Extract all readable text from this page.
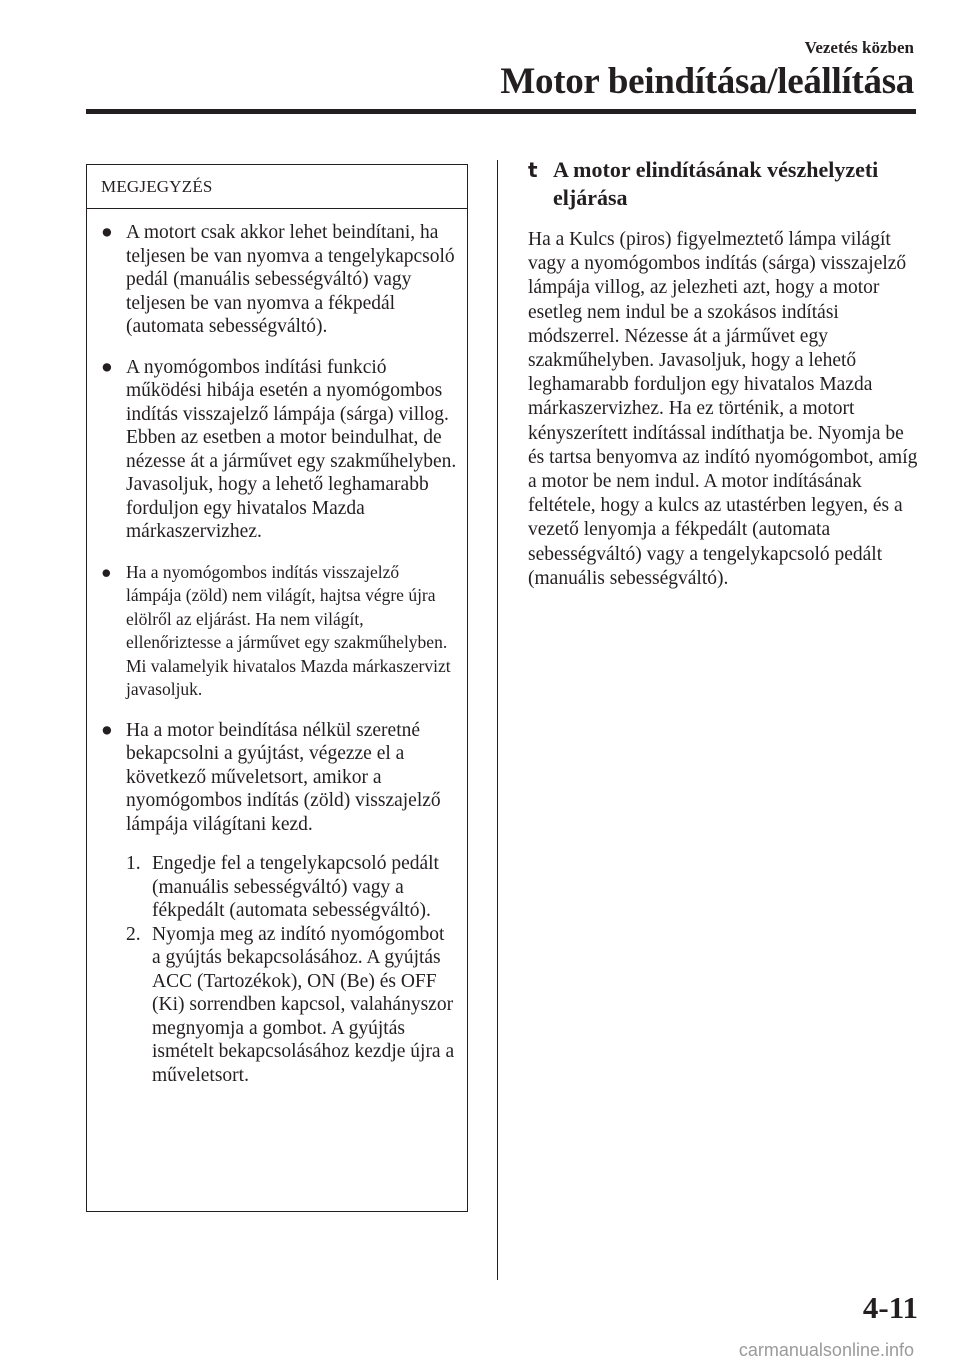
Vezetés közben
Motor beindítása/leállítása
MEGJEGYZÉS
● A motort csak akkor lehet beindítani, ha teljesen be van nyomva a tengelykapcsoló pedál (manuális sebességváltó) vagy teljesen be van nyomva a fékpedál (automata sebességváltó).
● A nyomógombos indítási funkció működési hibája esetén a nyomógombos indítás visszajelző lámpája (sárga) villog. Ebben az esetben a motor beindulhat, de nézesse át a járművet egy szakműhelyben. Javasoljuk, hogy a lehető leghamarabb forduljon egy hivatalos Mazda márkaszervizhez.
● Ha a nyomógombos indítás visszajelző lámpája (zöld) nem világít, hajtsa végre újra elölről az eljárást. Ha nem világít, ellenőriztesse a járművet egy szakműhelyben. Mi valamelyik hivatalos Mazda márkaszervizt javasoljuk.
● Ha a motor beindítása nélkül szeretné bekapcsolni a gyújtást, végezze el a következő műveletsort, amikor a nyomógombos indítás (zöld) visszajelző lámpája világítani kezd.
1. Engedje fel a tengelykapcsoló pedált (manuális sebességváltó) vagy a fékpedált (automata sebességváltó).
2. Nyomja meg az indító nyomógombot a gyújtás bekapcsolásához. A gyújtás ACC (Tartozékok), ON (Be) és OFF (Ki) sorrendben kapcsol, valahányszor megnyomja a gombot. A gyújtás ismételt bekapcsolásához kezdje újra a műveletsort.
t A motor elindításának vészhelyzeti eljárása
Ha a Kulcs (piros) figyelmeztető lámpa világít vagy a nyomógombos indítás (sárga) visszajelző lámpája villog, az jelezheti azt, hogy a motor esetleg nem indul be a szokásos indítási módszerrel. Nézesse át a járművet egy szakműhelyben. Javasoljuk, hogy a lehető leghamarabb forduljon egy hivatalos Mazda márkaszervizhez. Ha ez történik, a motort kényszerített indítással indíthatja be. Nyomja be és tartsa benyomva az indító nyomógombot, amíg a motor be nem indul. A motor indításának feltétele, hogy a kulcs az utastérben legyen, és a vezető lenyomja a fékpedált (automata sebességváltó) vagy a tengelykapcsoló pedált (manuális sebességváltó).
4-11
carmanualsonline.info
